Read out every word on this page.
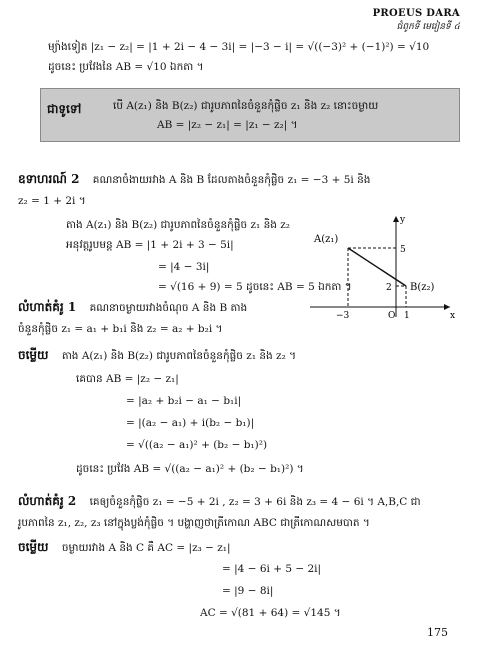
PROEUS DARA
ជំពូកទី មេរៀនទី ៤
ម្យ៉ាងទៀត |z₁ − z₂| = |1 + 2i − 4 − 3i| = |−3 − i| = √((−3)² + (−1)²) = √10
ដូចនេះ ប្រវែងនៃ AB = √10 ឯកតា ។
ជាទូទៅ	បើ A(z₁) និង B(z₂) ជារូបភាពនៃចំនួនកុំផ្លិច z₁ និង z₂ នោះចម្ងាយ
AB = |z₂ − z₁| = |z₁ − z₂| ។
ឧទាហរណ៍ 2 គណនាចំងាយរវាង A និង B ដែលតាងចំនួនកុំផ្លិច z₁ = −3 + 5i និង
z₂ = 1 + 2i ។
តាង A(z₁) និង B(z₂) ជារូបភាពនៃចំនួនកុំផ្លិច z₁ និង z₂
អនុវត្តរូបមន្ត AB = |1 + 2i + 3 − 5i|
= |4 − 3i|
= √(16 + 9) = 5 ដូចនេះ AB = 5 ឯកតា ។
A(z₁)
B(z₂)
5
2
−3	O 1	x
y
លំហាត់គំរូ 1 គណនាចម្ងាយរវាងចំណុច A និង B តាង
ចំនួនកុំផ្លិច z₁ = a₁ + b₁i និង z₂ = a₂ + b₂i ។
ចម្លើយ តាង A(z₁) និង B(z₂) ជារូបភាពនៃចំនួនកុំផ្លិច z₁ និង z₂ ។
គេបាន AB = |z₂ − z₁|
= |a₂ + b₂i − a₁ − b₁i|
= |(a₂ − a₁) + i(b₂ − b₁)|
= √((a₂ − a₁)² + (b₂ − b₁)²)
ដូចនេះ ប្រវែង AB = √((a₂ − a₁)² + (b₂ − b₁)²) ។
លំហាត់គំរូ 2 គេឲ្យចំនួនកុំផ្លិច z₁ = −5 + 2i , z₂ = 3 + 6i និង z₃ = 4 − 6i ។ A,B,C ជា
រូបភាពនៃ z₁, z₂, z₃ នៅក្នុងប្លង់កុំផ្លិច ។ បង្ហាញថាត្រីកោណ ABC ជាត្រីកោណសមបាត ។
ចម្លើយ ចម្ងាយរវាង A និង C គឺ AC = |z₃ − z₁|
= |4 − 6i + 5 − 2i|
= |9 − 8i|
AC = √(81 + 64) = √145 ។
175
